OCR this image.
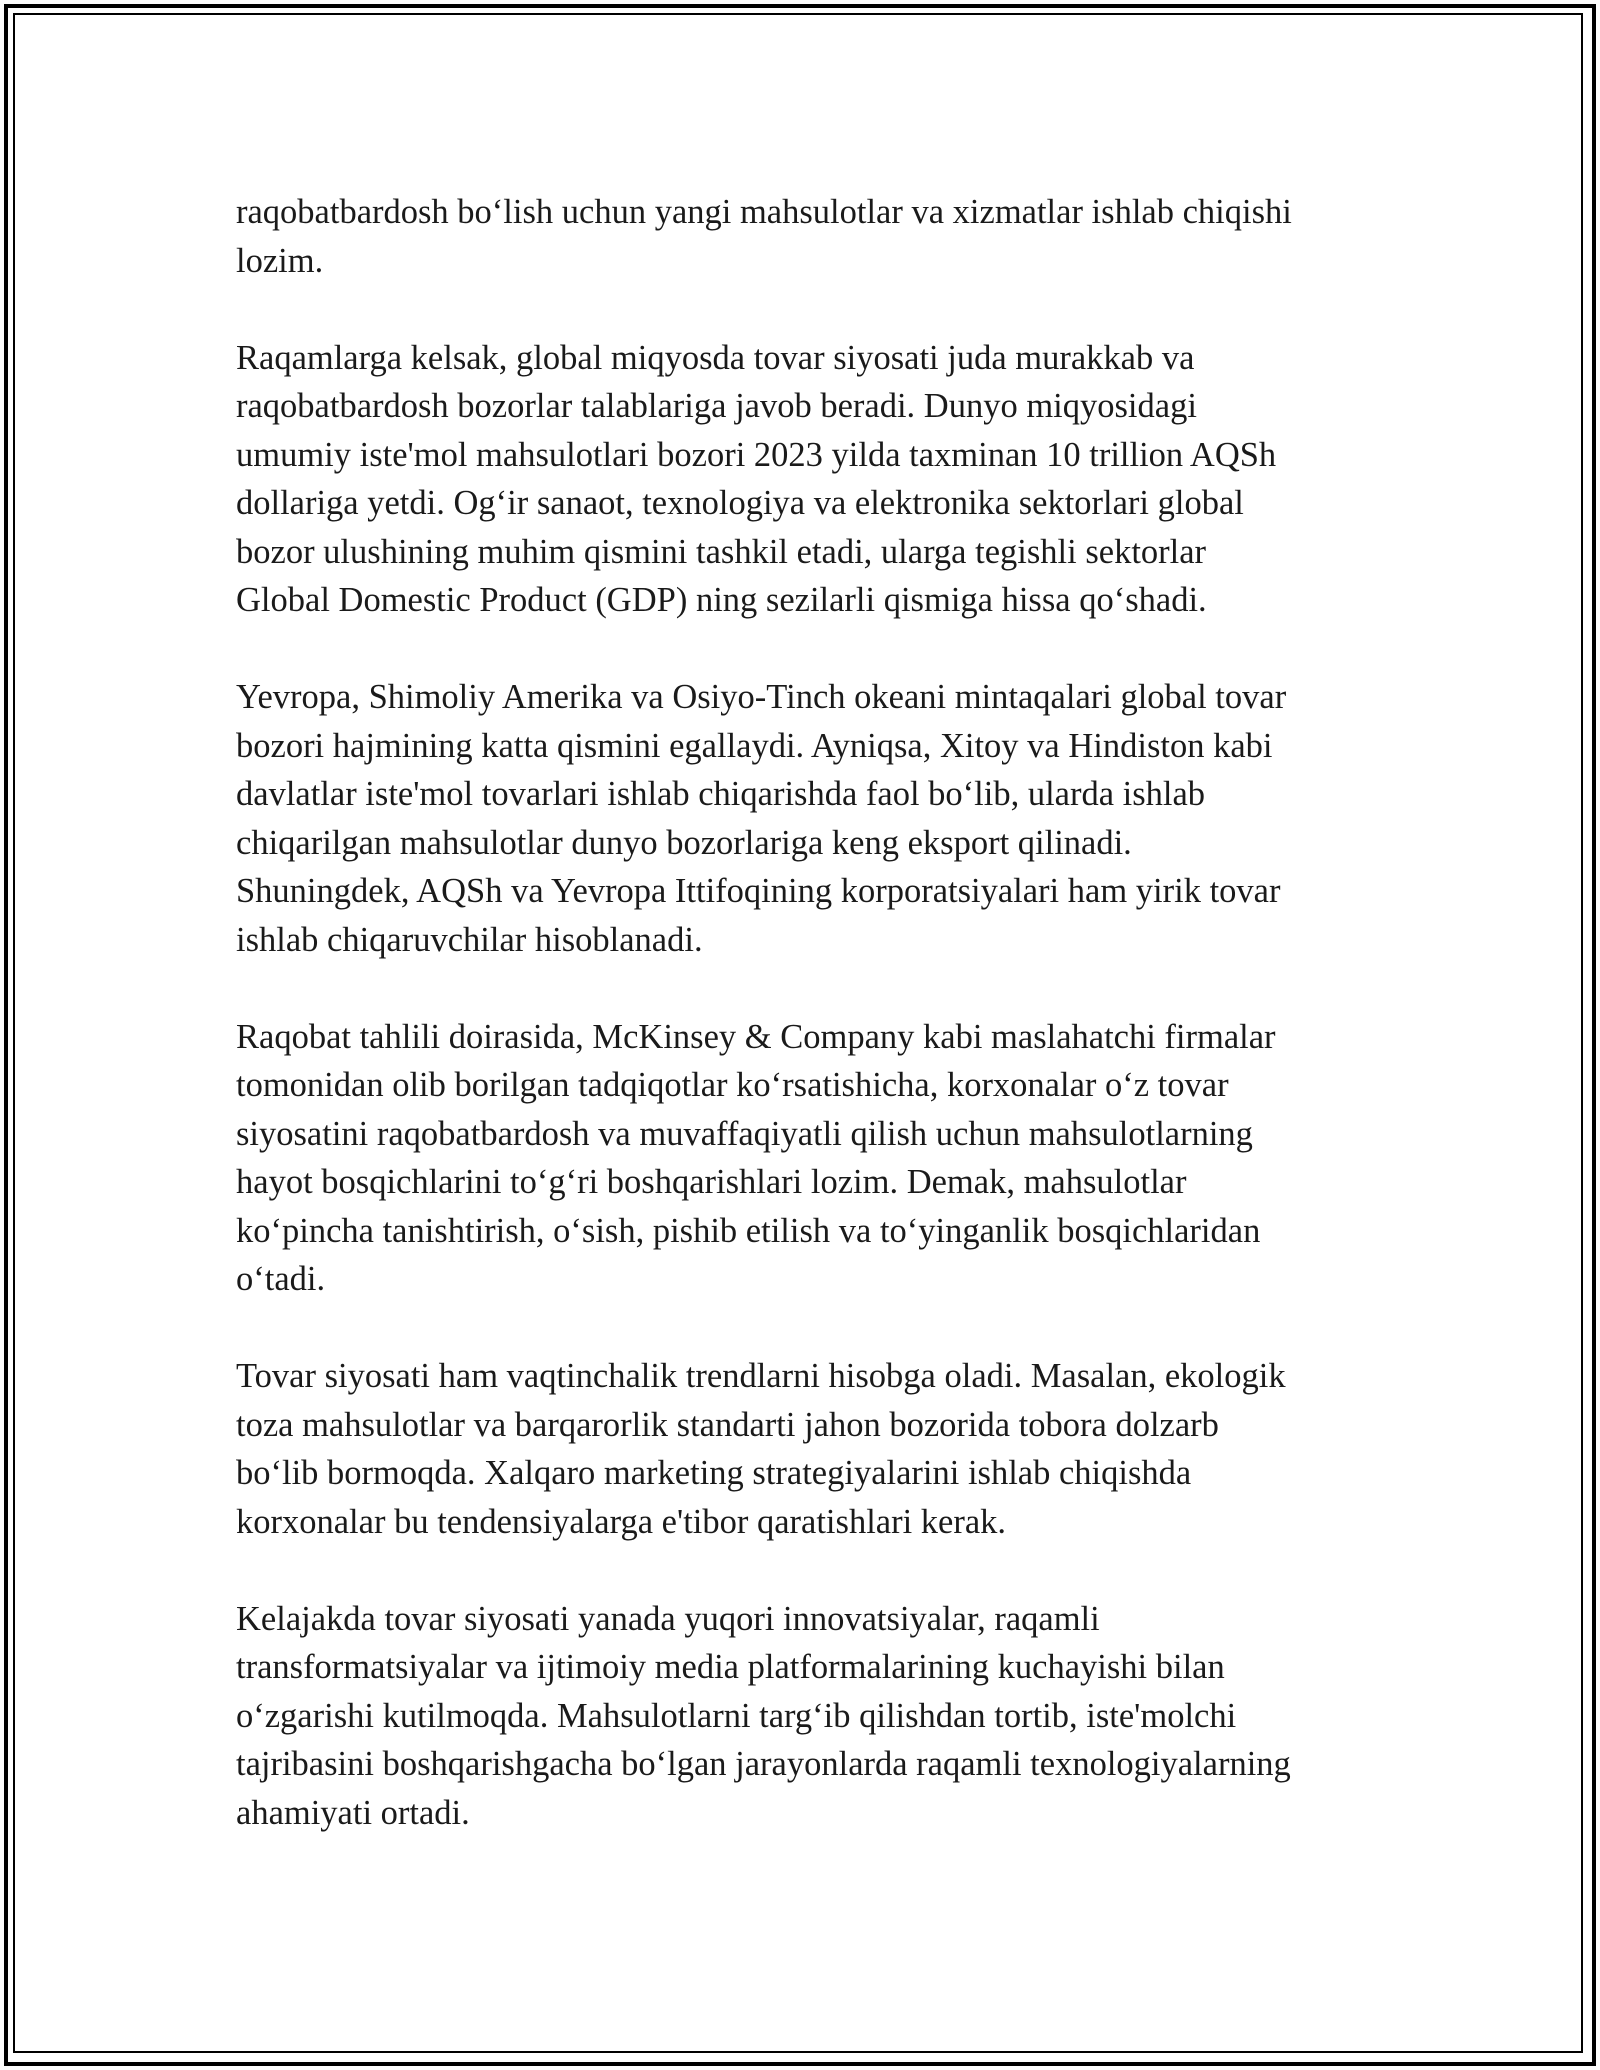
raqobatbardosh bo‘lish uchun yangi mahsulotlar va xizmatlar ishlab chiqishi
lozim.

Raqamlarga kelsak, global miqyosda tovar siyosati juda murakkab va
raqobatbardosh bozorlar talablariga javob beradi. Dunyo miqyosidagi
umumiy iste'mol mahsulotlari bozori 2023 yilda taxminan 10 trillion AQSh
dollariga yetdi. Og‘ir sanaot, texnologiya va elektronika sektorlari global
bozor ulushining muhim qismini tashkil etadi, ularga tegishli sektorlar
Global Domestic Product (GDP) ning sezilarli qismiga hissa qo‘shadi.

Yevropa, Shimoliy Amerika va Osiyo-Tinch okeani mintaqalari global tovar
bozori hajmining katta qismini egallaydi. Ayniqsa, Xitoy va Hindiston kabi
davlatlar iste'mol tovarlari ishlab chiqarishda faol bo‘lib, ularda ishlab
chiqarilgan mahsulotlar dunyo bozorlariga keng eksport qilinadi.
Shuningdek, AQSh va Yevropa Ittifoqining korporatsiyalari ham yirik tovar
ishlab chiqaruvchilar hisoblanadi.

Raqobat tahlili doirasida, McKinsey & Company kabi maslahatchi firmalar
tomonidan olib borilgan tadqiqotlar ko‘rsatishicha, korxonalar o‘z tovar
siyosatini raqobatbardosh va muvaffaqiyatli qilish uchun mahsulotlarning
hayot bosqichlarini to‘g‘ri boshqarishlari lozim. Demak, mahsulotlar
ko‘pincha tanishtirish, o‘sish, pishib etilish va to‘yinganlik bosqichlaridan
o‘tadi.

Tovar siyosati ham vaqtinchalik trendlarni hisobga oladi. Masalan, ekologik
toza mahsulotlar va barqarorlik standarti jahon bozorida tobora dolzarb
bo‘lib bormoqda. Xalqaro marketing strategiyalarini ishlab chiqishda
korxonalar bu tendensiyalarga e'tibor qaratishlari kerak.

Kelajakda tovar siyosati yanada yuqori innovatsiyalar, raqamli
transformatsiyalar va ijtimoiy media platformalarining kuchayishi bilan
o‘zgarishi kutilmoqda. Mahsulotlarni targ‘ib qilishdan tortib, iste'molchi
tajribasini boshqarishgacha bo‘lgan jarayonlarda raqamli texnologiyalarning
ahamiyati ortadi.
